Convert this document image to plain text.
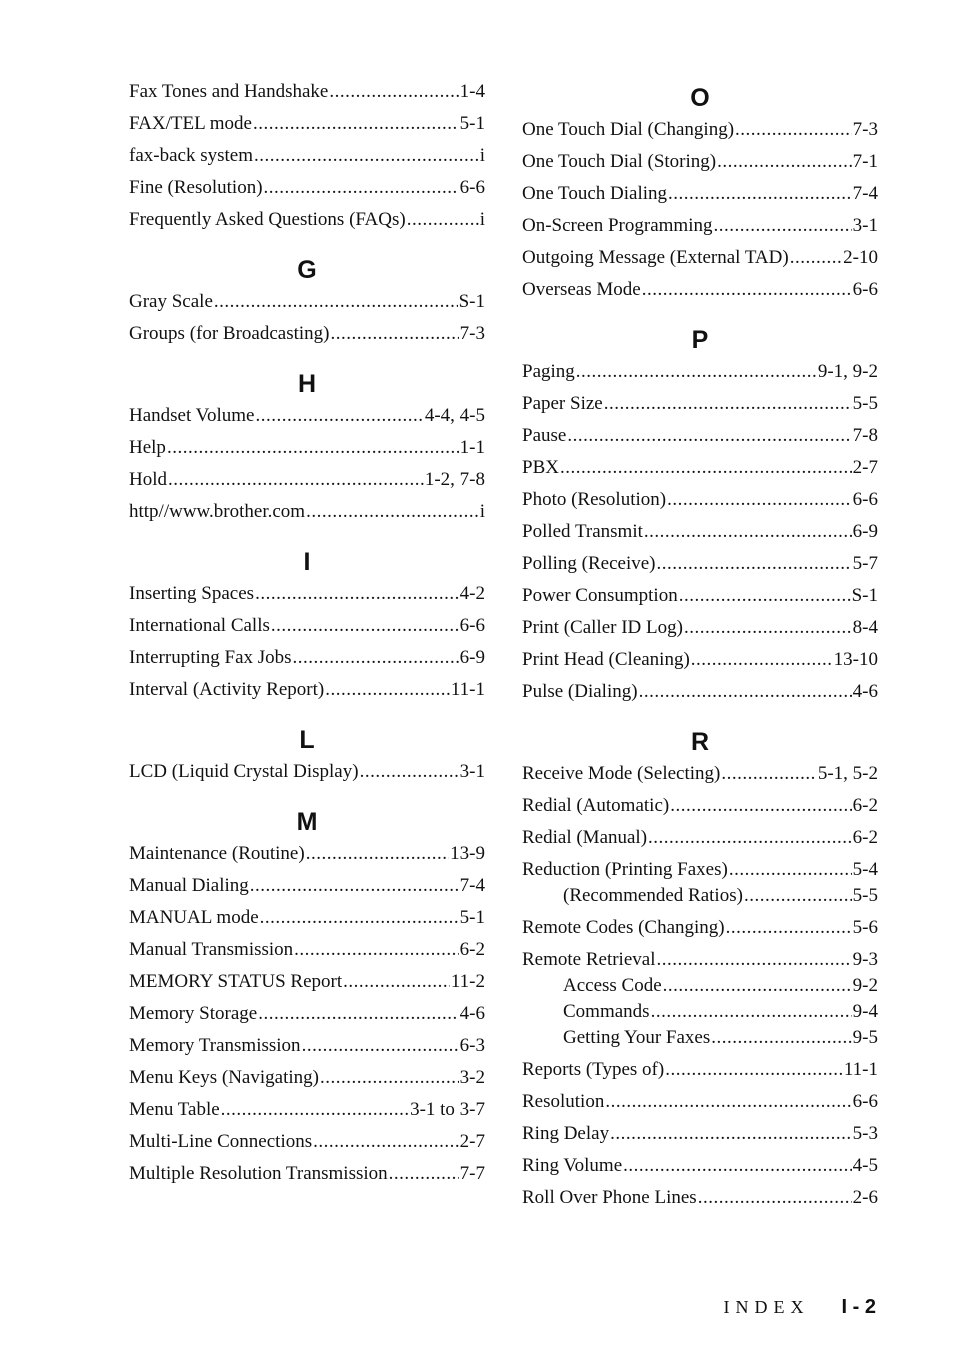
Fax Tones and Handshake .....	1-4
FAX/TEL mode .....	5-1
fax-back system .....	i
Fine (Resolution) .....	6-6
Frequently Asked Questions (FAQs) .....	i
G
Gray Scale .....	S-1
Groups (for Broadcasting) .....	7-3
H
Handset Volume .....	4-4, 4-5
Help .....	1-1
Hold .....	1-2, 7-8
http//www.brother.com .....	i
I
Inserting Spaces .....	4-2
International Calls .....	6-6
Interrupting Fax Jobs .....	6-9
Interval (Activity Report) .....	11-1
L
LCD (Liquid Crystal Display) .....	3-1
M
Maintenance (Routine) .....	13-9
Manual Dialing .....	7-4
MANUAL mode .....	5-1
Manual Transmission .....	6-2
MEMORY STATUS Report .....	11-2
Memory Storage .....	4-6
Memory Transmission .....	6-3
Menu Keys (Navigating) .....	3-2
Menu Table .....	3-1 to 3-7
Multi-Line Connections .....	2-7
Multiple Resolution Transmission .....	7-7
O
One Touch Dial (Changing) .....	7-3
One Touch Dial (Storing) .....	7-1
One Touch Dialing .....	7-4
On-Screen Programming .....	3-1
Outgoing Message (External TAD) .....	2-10
Overseas Mode .....	6-6
P
Paging .....	9-1, 9-2
Paper Size .....	5-5
Pause .....	7-8
PBX .....	2-7
Photo (Resolution) .....	6-6
Polled Transmit .....	6-9
Polling (Receive) .....	5-7
Power Consumption .....	S-1
Print (Caller ID Log) .....	8-4
Print Head (Cleaning) .....	13-10
Pulse (Dialing) .....	4-6
R
Receive Mode (Selecting) .....	5-1, 5-2
Redial (Automatic) .....	6-2
Redial (Manual) .....	6-2
Reduction (Printing Faxes) .....	5-4
(Recommended Ratios) .....	5-5
Remote Codes (Changing) .....	5-6
Remote Retrieval .....	9-3
Access Code .....	9-2
Commands .....	9-4
Getting Your Faxes .....	9-5
Reports (Types of) .....	11-1
Resolution .....	6-6
Ring Delay .....	5-3
Ring Volume .....	4-5
Roll Over Phone Lines .....	2-6
INDEX I - 2
